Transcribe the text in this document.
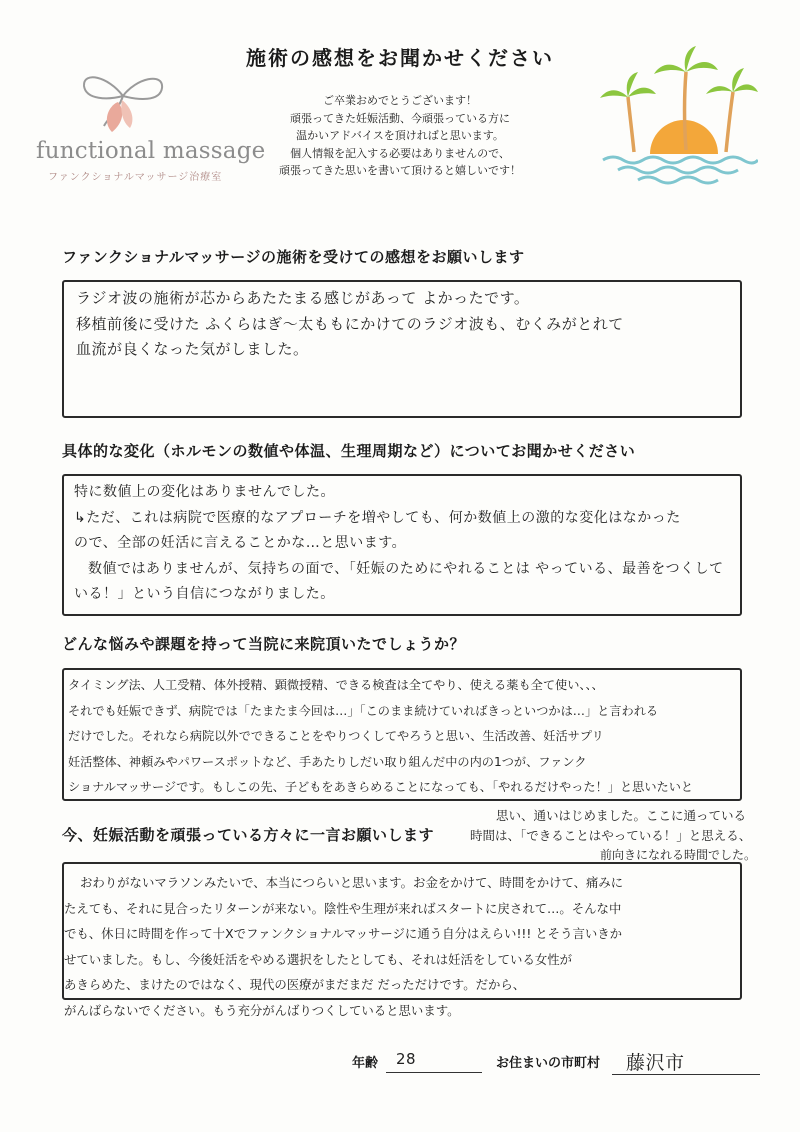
functional massage
ファンクショナルマッサージ治療室
施術の感想をお聞かせください
ご卒業おめでとうございます！
頑張ってきた妊娠活動、今頑張っている方に
温かいアドバイスを頂ければと思います。
個人情報を記入する必要はありませんので、
頑張ってきた思いを書いて頂けると嬉しいです！
ファンクショナルマッサージの施術を受けての感想をお願いします
ラジオ波の施術が芯からあたたまる感じがあって よかったです。
移植前後に受けた ふくらはぎ～太ももにかけてのラジオ波も、むくみがとれて
血流が良くなった気がしました。
具体的な変化（ホルモンの数値や体温、生理周期など）についてお聞かせください
特に数値上の変化はありませんでした。
↳ただ、これは病院で医療的なアプローチを増やしても、何か数値上の激的な変化はなかった
ので、全部の妊活に言えることかな…と思います。
数値ではありませんが、気持ちの面で、「妊娠のためにやれることは やっている、最善をつくして
いる！」という自信につながりました。
どんな悩みや課題を持って当院に来院頂いたでしょうか？
タイミング法、人工受精、体外授精、顕微授精、できる検査は全てやり、使える薬も全て使い、、、
それでも妊娠できず、病院では「たまたま今回は…」「このまま続けていればきっといつかは…」と言われる
だけでした。それなら病院以外でできることをやりつくしてやろうと思い、生活改善、妊活サプリ
妊活整体、神頼みやパワースポットなど、手あたりしだい取り組んだ中の内の1つが、ファンク
ショナルマッサージです。もしこの先、子どもをあきらめることになっても、「やれるだけやった！」と思いたいと
思い、通いはじめました。ここに通っている
時間は、「できることはやっている！」と思える、
前向きになれる時間でした。
今、妊娠活動を頑張っている方々に一言お願いします
おわりがないマラソンみたいで、本当につらいと思います。お金をかけて、時間をかけて、痛みに
たえても、それに見合ったリターンが来ない。陰性や生理が来ればスタートに戻されて…。そんな中
でも、休日に時間を作って十Xでファンクショナルマッサージに通う自分はえらい!!! とそう言いきか
せていました。もし、今後妊活をやめる選択をしたとしても、それは妊活をしている女性が
あきらめた、まけたのではなく、現代の医療がまだまだ だっただけです。だから、
がんばらないでください。もう充分がんばりつくしていると思います。
年齢 28	お住まいの市町村 藤沢市
